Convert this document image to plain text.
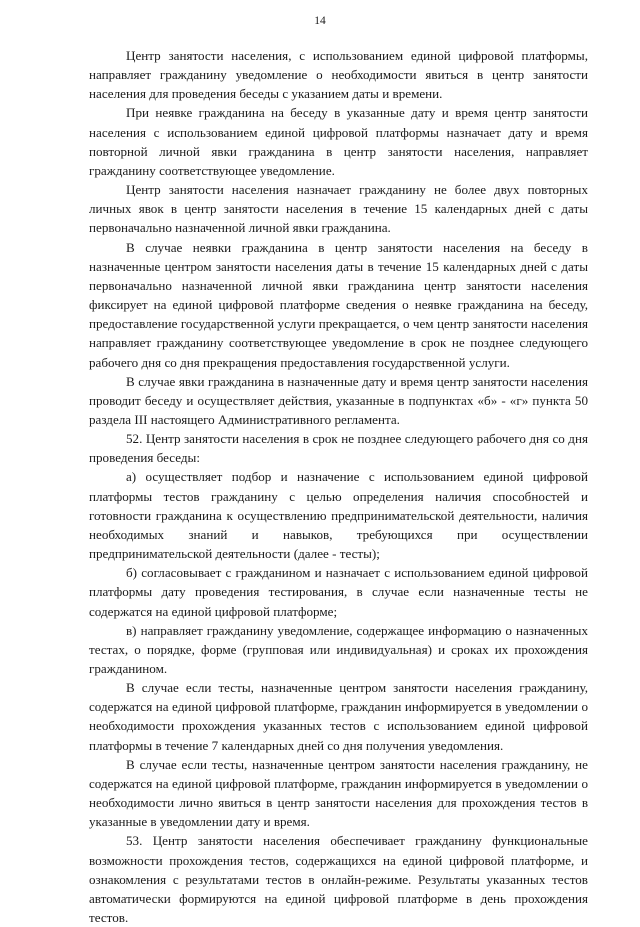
14

Центр занятости населения, с использованием единой цифровой платформы, направляет гражданину уведомление о необходимости явиться в центр занятости населения для проведения беседы с указанием даты и времени.

При неявке гражданина на беседу в указанные дату и время центр занятости населения с использованием единой цифровой платформы назначает дату и время повторной личной явки гражданина в центр занятости населения, направляет гражданину соответствующее уведомление.

Центр занятости населения назначает гражданину не более двух повторных личных явок в центр занятости населения в течение 15 календарных дней с даты первоначально назначенной личной явки гражданина.

В случае неявки гражданина в центр занятости населения на беседу в назначенные центром занятости населения даты в течение 15 календарных дней с даты первоначально назначенной личной явки гражданина центр занятости населения фиксирует на единой цифровой платформе сведения о неявке гражданина на беседу, предоставление государственной услуги прекращается, о чем центр занятости населения направляет гражданину соответствующее уведомление в срок не позднее следующего рабочего дня со дня прекращения предоставления государственной услуги.

В случае явки гражданина в назначенные дату и время центр занятости населения проводит беседу и осуществляет действия, указанные в подпунктах «б» - «г» пункта 50 раздела III настоящего Административного регламента.

52. Центр занятости населения в срок не позднее следующего рабочего дня со дня проведения беседы:

а) осуществляет подбор и назначение с использованием единой цифровой платформы тестов гражданину с целью определения наличия способностей и готовности гражданина к осуществлению предпринимательской деятельности, наличия необходимых знаний и навыков, требующихся при осуществлении предпринимательской деятельности (далее - тесты);

б) согласовывает с гражданином и назначает с использованием единой цифровой платформы дату проведения тестирования, в случае если назначенные тесты не содержатся на единой цифровой платформе;

в) направляет гражданину уведомление, содержащее информацию о назначенных тестах, о порядке, форме (групповая или индивидуальная) и сроках их прохождения гражданином.

В случае если тесты, назначенные центром занятости населения гражданину, содержатся на единой цифровой платформе, гражданин информируется в уведомлении о необходимости прохождения указанных тестов с использованием единой цифровой платформы в течение 7 календарных дней со дня получения уведомления.

В случае если тесты, назначенные центром занятости населения гражданину, не содержатся на единой цифровой платформе, гражданин информируется в уведомлении о необходимости лично явиться в центр занятости населения для прохождения тестов в указанные в уведомлении дату и время.

53. Центр занятости населения обеспечивает гражданину функциональные возможности прохождения тестов, содержащихся на единой цифровой платформе, и ознакомления с результатами тестов в онлайн-режиме. Результаты указанных тестов автоматически формируются на единой цифровой платформе в день прохождения тестов.
